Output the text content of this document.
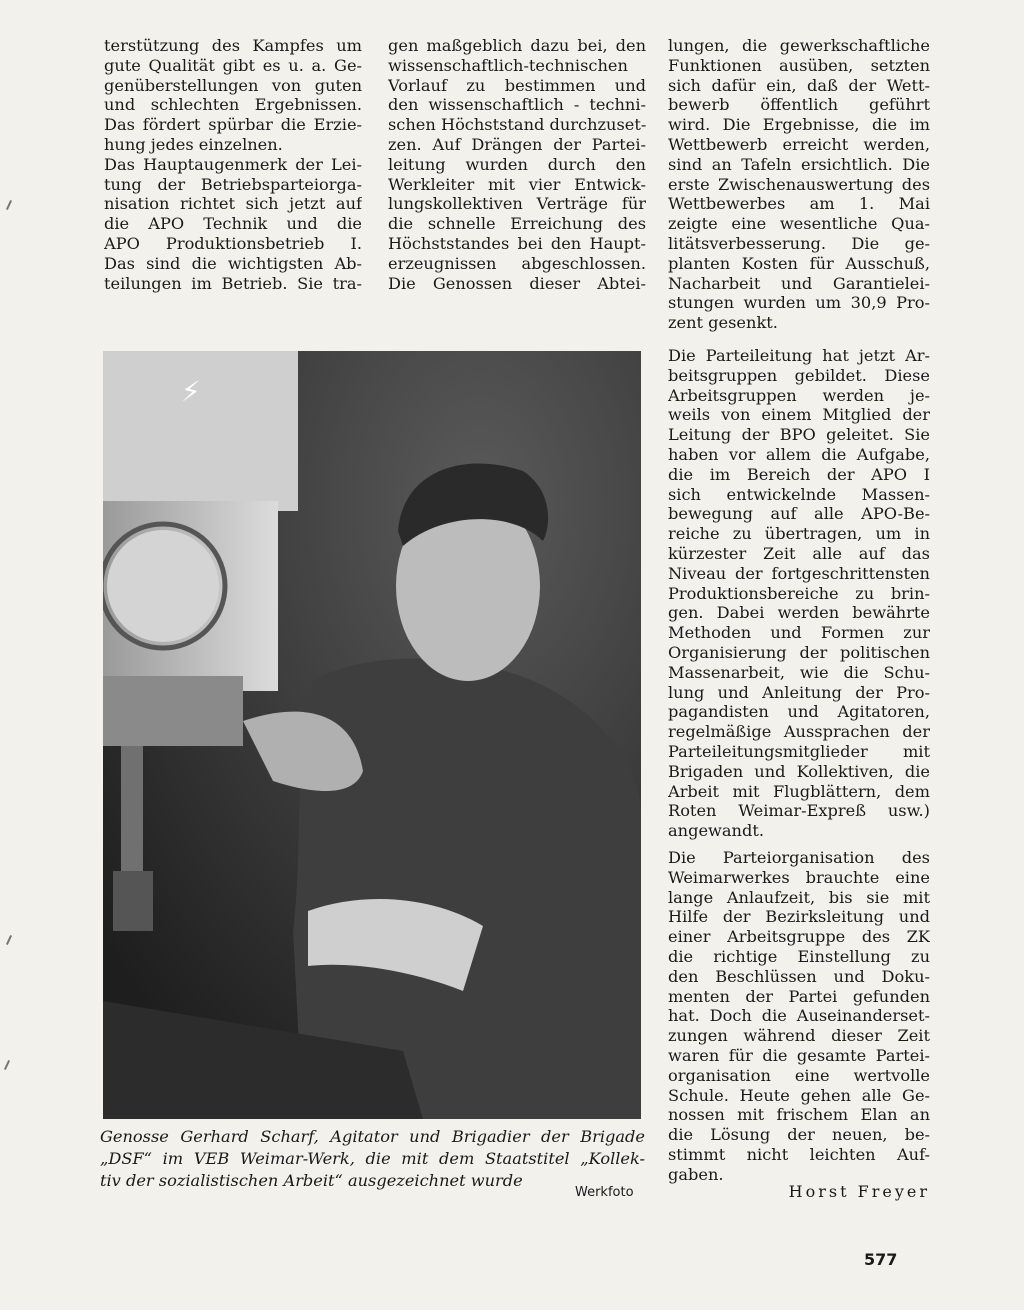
terstützung des Kampfes um
gute Qualität gibt es u. a. Ge-
genüberstellungen von guten
und schlechten Ergebnissen.
Das fördert spürbar die Erzie-
hung jedes einzelnen.
Das Hauptaugenmerk der Lei-
tung der Betriebsparteiorga-
nisation richtet sich jetzt auf
die APO Technik und die
APO Produktionsbetrieb I.
Das sind die wichtigsten Ab-
teilungen im Betrieb. Sie tra-
gen maßgeblich dazu bei, den
wissenschaftlich-technischen
Vorlauf zu bestimmen und
den wissenschaftlich - techni-
schen Höchststand durchzuset-
zen. Auf Drängen der Partei-
leitung wurden durch den
Werkleiter mit vier Entwick-
lungskollektiven Verträge für
die schnelle Erreichung des
Höchststandes bei den Haupt-
erzeugnissen abgeschlossen.
Die Genossen dieser Abtei-
lungen, die gewerkschaftliche
Funktionen ausüben, setzten
sich dafür ein, daß der Wett-
bewerb öffentlich geführt
wird. Die Ergebnisse, die im
Wettbewerb erreicht werden,
sind an Tafeln ersichtlich. Die
erste Zwischenauswertung des
Wettbewerbes am 1. Mai
zeigte eine wesentliche Qua-
litätsverbesserung. Die ge-
planten Kosten für Ausschuß,
Nacharbeit und Garantielei-
stungen wurden um 30,9 Pro-
zent gesenkt.
Die Parteileitung hat jetzt Ar-
beitsgruppen gebildet. Diese
Arbeitsgruppen werden je-
weils von einem Mitglied der
Leitung der BPO geleitet. Sie
haben vor allem die Aufgabe,
die im Bereich der APO I
sich entwickelnde Massen-
bewegung auf alle APO-Be-
reiche zu übertragen, um in
kürzester Zeit alle auf das
Niveau der fortgeschrittensten
Produktionsbereiche zu brin-
gen. Dabei werden bewährte
Methoden und Formen zur
Organisierung der politischen
Massenarbeit, wie die Schu-
lung und Anleitung der Pro-
pagandisten und Agitatoren,
regelmäßige Aussprachen der
Parteileitungsmitglieder mit
Brigaden und Kollektiven, die
Arbeit mit Flugblättern, dem
Roten Weimar-Expreß usw.)
angewandt.
Die Parteiorganisation des
Weimarwerkes brauchte eine
lange Anlaufzeit, bis sie mit
Hilfe der Bezirksleitung und
einer Arbeitsgruppe des ZK
die richtige Einstellung zu
den Beschlüssen und Doku-
menten der Partei gefunden
hat. Doch die Auseinanderset-
zungen während dieser Zeit
waren für die gesamte Partei-
organisation eine wertvolle
Schule. Heute gehen alle Ge-
nossen mit frischem Elan an
die Lösung der neuen, be-
stimmt nicht leichten Auf-
gaben.
⚡
Genosse Gerhard Scharf, Agitator und Brigadier der Brigade
„DSF“ im VEB Weimar-Werk, die mit dem Staatstitel „Kollek-
tiv der sozialistischen Arbeit“ ausgezeichnet wurde
Werkfoto	Horst Freyer
577
